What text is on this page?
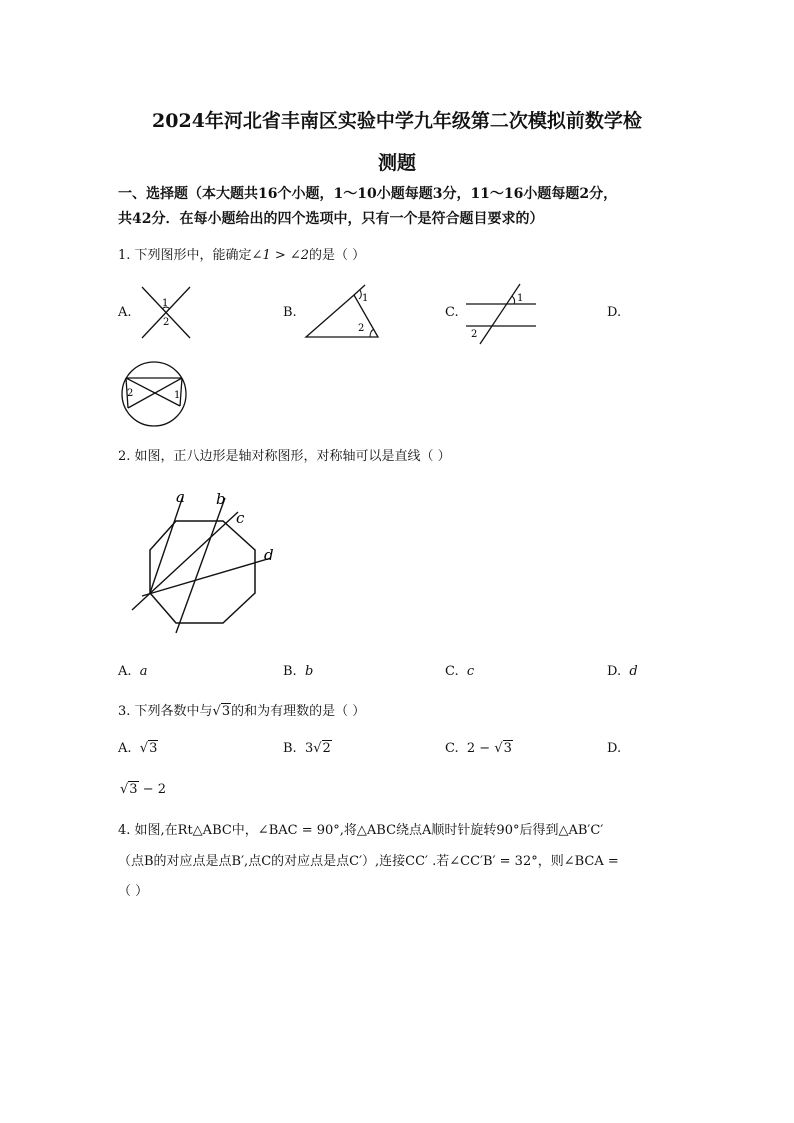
2024年河北省丰南区实验中学九年级第二次模拟前数学检
测题
一、选择题（本大题共16个小题，1～10小题每题3分，11～16小题每题2分，
共42分．在每小题给出的四个选项中，只有一个是符合题目要求的）
1. 下列图形中，能确定∠1 > ∠2的是（ ）
A.
1
2
B.
1
2
C.
1
2
D.
2	1
2. 如图，正八边形是轴对称图形，对称轴可以是直线（ ）
a b
c
d
A. a	B. b	C. c	D. d
3. 下列各数中与√3的和为有理数的是（ ）
A. √3	B. 3√2	C. 2 − √3	D.
√3 − 2
4. 如图,在Rt△ABC中，∠BAC = 90°,将△ABC绕点A顺时针旋转90°后得到△AB′C′
（点B的对应点是点B′,点C的对应点是点C′）,连接CC′ .若∠CC′B′ = 32°，则∠BCA =
（ ）
